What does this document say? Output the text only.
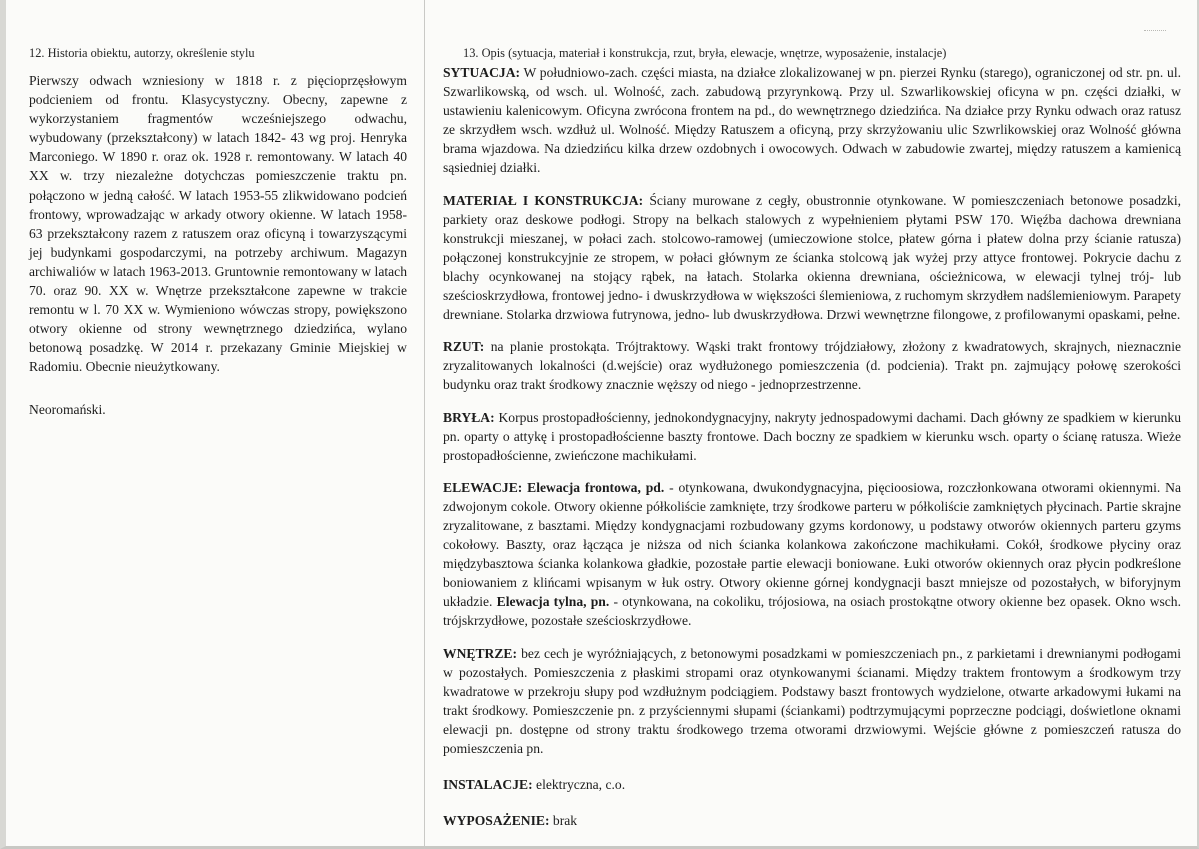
12. Historia obiektu, autorzy, określenie stylu

Pierwszy odwach wzniesiony w 1818 r. z pięcioprzęsłowym podcieniem od frontu. Klasycystyczny. Obecny, zapewne z wykorzystaniem fragmentów wcześniejszego odwachu, wybudowany (przekształcony) w latach 1842- 43 wg proj. Henryka Marconiego. W 1890 r. oraz ok. 1928 r. remontowany. W latach 40 XX w. trzy niezależne dotychczas pomieszczenie traktu pn. połączono w jedną całość. W latach 1953-55 zlikwidowano podcień frontowy, wprowadzając w arkady otwory okienne. W latach 1958-63 przekształcony razem z ratuszem oraz oficyną i towarzyszącymi jej budynkami gospodarczymi, na potrzeby archiwum. Magazyn archiwaliów w latach 1963-2013. Gruntownie remontowany w latach 70. oraz 90. XX w. Wnętrze przekształcone zapewne w trakcie remontu w l. 70 XX w. Wymieniono wówczas stropy, powiększono otwory okienne od strony wewnętrznego dziedzińca, wylano betonową posadzkę. W 2014 r. przekazany Gminie Miejskiej w Radomiu. Obecnie nieużytkowany.

Neoromański.

13. Opis (sytuacja, materiał i konstrukcja, rzut, bryła, elewacje, wnętrze, wyposażenie, instalacje)

SYTUACJA: W południowo-zach. części miasta, na działce zlokalizowanej w pn. pierzei Rynku (starego), ograniczonej od str. pn. ul. Szwarlikowską, od wsch. ul. Wolność, zach. zabudową przyrynkową. Przy ul. Szwarlikowskiej oficyna w pn. części działki, w ustawieniu kalenicowym. Oficyna zwrócona frontem na pd., do wewnętrznego dziedzińca. Na działce przy Rynku odwach oraz ratusz ze skrzydłem wsch. wzdłuż ul. Wolność. Między Ratuszem a oficyną, przy skrzyżowaniu ulic Szwrlikowskiej oraz Wolność główna brama wjazdowa. Na dziedzińcu kilka drzew ozdobnych i owocowych. Odwach w zabudowie zwartej, między ratuszem a kamienicą sąsiedniej działki.

MATERIAŁ I KONSTRUKCJA: Ściany murowane z cegły, obustronnie otynkowane. W pomieszczeniach betonowe posadzki, parkiety oraz deskowe podłogi. Stropy na belkach stalowych z wypełnieniem płytami PSW 170. Więźba dachowa drewniana konstrukcji mieszanej, w połaci zach. stolcowo-ramowej (umieczowione stolce, płatew górna i płatew dolna przy ścianie ratusza) połączonej konstrukcyjnie ze stropem, w połaci głównym ze ścianka stolcową jak wyżej przy attyce frontowej. Pokrycie dachu z blachy ocynkowanej na stojący rąbek, na łatach. Stolarka okienna drewniana, ościeżnicowa, w elewacji tylnej trój- lub sześcioskrzydłowa, frontowej jedno- i dwuskrzydłowa w większości ślemieniowa, z ruchomym skrzydłem nadślemieniowym. Parapety drewniane. Stolarka drzwiowa futrynowa, jedno- lub dwuskrzydłowa. Drzwi wewnętrzne filongowe, z profilowanymi opaskami, pełne.

RZUT: na planie prostokąta. Trójtraktowy. Wąski trakt frontowy trójdziałowy, złożony z kwadratowych, skrajnych, nieznacznie zryzalitowanych lokalności (d.wejście) oraz wydłużonego pomieszczenia (d. podcienia). Trakt pn. zajmujący połowę szerokości budynku oraz trakt środkowy znacznie węższy od niego - jednoprzestrzenne.

BRYŁA: Korpus prostopadłościenny, jednokondygnacyjny, nakryty jednospadowymi dachami. Dach główny ze spadkiem w kierunku pn. oparty o attykę i prostopadłościenne baszty frontowe. Dach boczny ze spadkiem w kierunku wsch. oparty o ścianę ratusza. Wieże prostopadłościenne, zwieńczone machikułami.

ELEWACJE: Elewacja frontowa, pd. - otynkowana, dwukondygnacyjna, pięcioosiowa, rozczłonkowana otworami okiennymi. Na zdwojonym cokole. Otwory okienne półkoliście zamknięte, trzy środkowe parteru w półkoliście zamkniętych płycinach. Partie skrajne zryzalitowane, z basztami. Między kondygnacjami rozbudowany gzyms kordonowy, u podstawy otworów okiennych parteru gzyms cokołowy. Baszty, oraz łącząca je niższa od nich ścianka kolankowa zakończone machikułami. Cokół, środkowe płyciny oraz międzybasztowa ścianka kolankowa gładkie, pozostałe partie elewacji boniowane. Łuki otworów okiennych oraz płycin podkreślone boniowaniem z klińcami wpisanym w łuk ostry. Otwory okienne górnej kondygnacji baszt mniejsze od pozostałych, w biforyjnym układzie. Elewacja tylna, pn. - otynkowana, na cokoliku, trójosiowa, na osiach prostokątne otwory okienne bez opasek. Okno wsch. trójskrzydłowe, pozostałe sześcioskrzydłowe.

WNĘTRZE: bez cech je wyróżniających, z betonowymi posadzkami w pomieszczeniach pn., z parkietami i drewnianymi podłogami w pozostałych. Pomieszczenia z płaskimi stropami oraz otynkowanymi ścianami. Między traktem frontowym a środkowym trzy kwadratowe w przekroju słupy pod wzdłużnym podciągiem. Podstawy baszt frontowych wydzielone, otwarte arkadowymi łukami na trakt środkowy. Pomieszczenie pn. z przyściennymi słupami (ściankami) podtrzymującymi poprzeczne podciągi, doświetlone oknami elewacji pn. dostępne od strony traktu środkowego trzema otworami drzwiowymi. Wejście główne z pomieszczeń ratusza do pomieszczenia pn.

INSTALACJE: elektryczna, c.o.

WYPOSAŻENIE: brak
